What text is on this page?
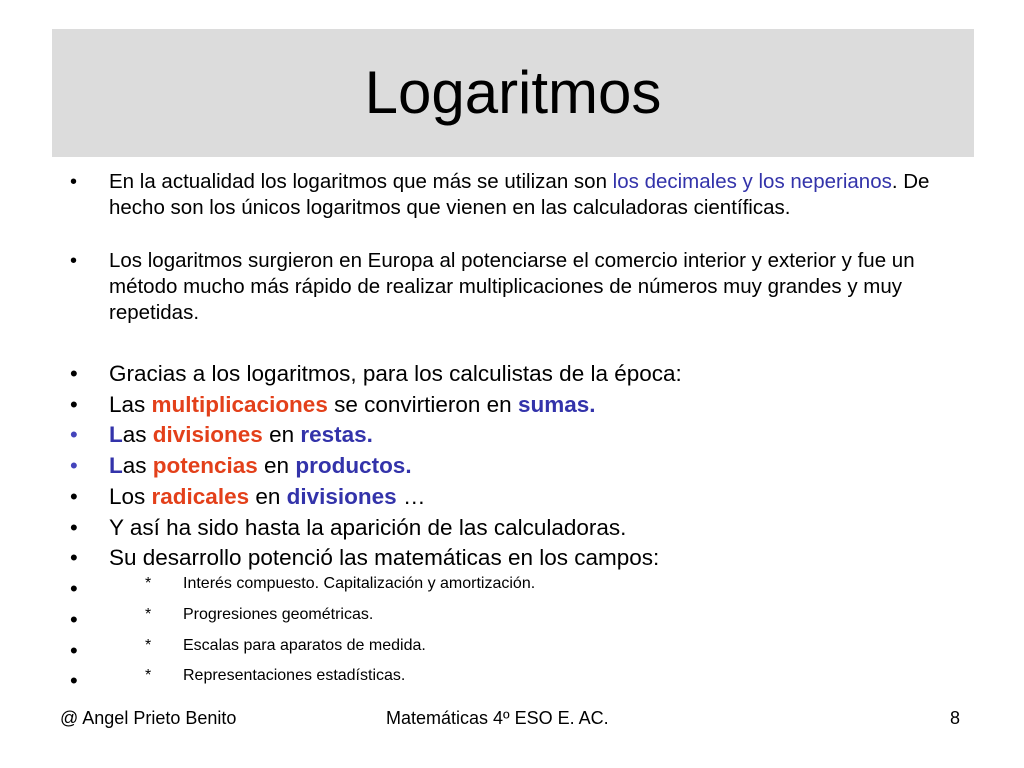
Logaritmos
• En la actualidad los logaritmos que más se utilizan son los decimales y los neperianos. De hecho son los únicos logaritmos que vienen en las calculadoras científicas.
• Los logaritmos surgieron en Europa al potenciarse el comercio interior y exterior y fue un método mucho más rápido de realizar multiplicaciones de números muy grandes y muy repetidas.
• Gracias a los logaritmos, para los calculistas de la época:
• Las multiplicaciones se convirtieron en sumas.
• Las divisiones en restas.
• Las potencias en productos.
• Los radicales en divisiones …
• Y así ha sido hasta la aparición de las calculadoras.
• Su desarrollo potenció las matemáticas en los campos:
•	* Interés compuesto. Capitalización y amortización.
•	* Progresiones geométricas.
•	* Escalas para aparatos de medida.
•	* Representaciones estadísticas.
@ Angel Prieto Benito	Matemáticas 4º ESO E. AC.	8
